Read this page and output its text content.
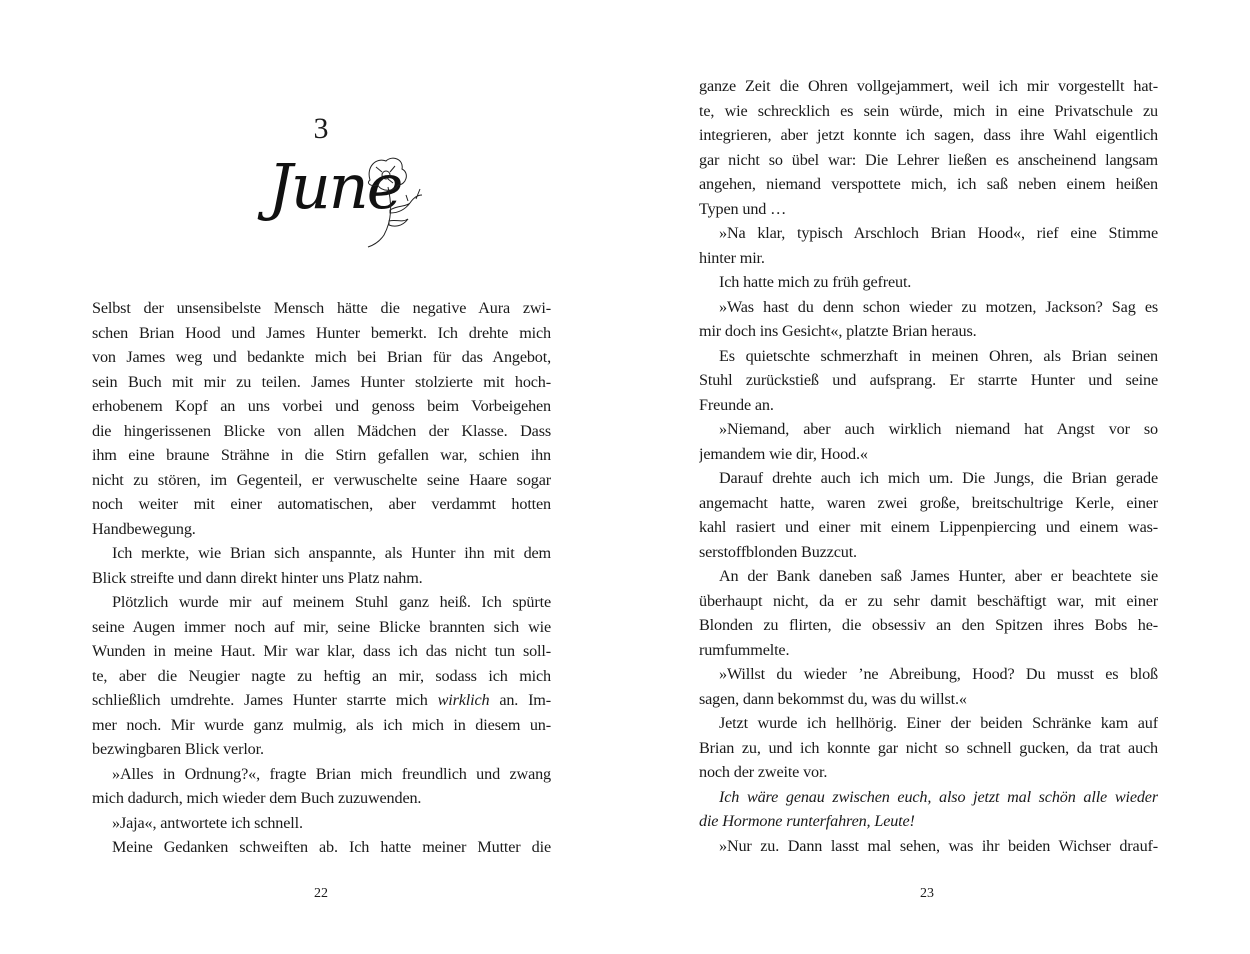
3
June
Selbst der unsensibelste Mensch hätte die negative Aura zwi-
schen Brian Hood und James Hunter bemerkt. Ich drehte mich
von James weg und bedankte mich bei Brian für das Angebot,
sein Buch mit mir zu teilen. James Hunter stolzierte mit hoch-
erhobenem Kopf an uns vorbei und genoss beim Vorbeigehen
die hingerissenen Blicke von allen Mädchen der Klasse. Dass
ihm eine braune Strähne in die Stirn gefallen war, schien ihn
nicht zu stören, im Gegenteil, er verwuschelte seine Haare sogar
noch weiter mit einer automatischen, aber verdammt hotten
Handbewegung.
Ich merkte, wie Brian sich anspannte, als Hunter ihn mit dem
Blick streifte und dann direkt hinter uns Platz nahm.
Plötzlich wurde mir auf meinem Stuhl ganz heiß. Ich spürte
seine Augen immer noch auf mir, seine Blicke brannten sich wie
Wunden in meine Haut. Mir war klar, dass ich das nicht tun soll-
te, aber die Neugier nagte zu heftig an mir, sodass ich mich
schließlich umdrehte. James Hunter starrte mich wirklich an. Im-
mer noch. Mir wurde ganz mulmig, als ich mich in diesem un-
bezwingbaren Blick verlor.
»Alles in Ordnung?«, fragte Brian mich freundlich und zwang
mich dadurch, mich wieder dem Buch zuzuwenden.
»Jaja«, antwortete ich schnell.
Meine Gedanken schweiften ab. Ich hatte meiner Mutter die
22
ganze Zeit die Ohren vollgejammert, weil ich mir vorgestellt hat-
te, wie schrecklich es sein würde, mich in eine Privatschule zu
integrieren, aber jetzt konnte ich sagen, dass ihre Wahl eigentlich
gar nicht so übel war: Die Lehrer ließen es anscheinend langsam
angehen, niemand verspottete mich, ich saß neben einem heißen
Typen und …
»Na klar, typisch Arschloch Brian Hood«, rief eine Stimme
hinter mir.
Ich hatte mich zu früh gefreut.
»Was hast du denn schon wieder zu motzen, Jackson? Sag es
mir doch ins Gesicht«, platzte Brian heraus.
Es quietschte schmerzhaft in meinen Ohren, als Brian seinen
Stuhl zurückstieß und aufsprang. Er starrte Hunter und seine
Freunde an.
»Niemand, aber auch wirklich niemand hat Angst vor so
jemandem wie dir, Hood.«
Darauf drehte auch ich mich um. Die Jungs, die Brian gerade
angemacht hatte, waren zwei große, breitschultrige Kerle, einer
kahl rasiert und einer mit einem Lippenpiercing und einem was-
serstoffblonden Buzzcut.
An der Bank daneben saß James Hunter, aber er beachtete sie
überhaupt nicht, da er zu sehr damit beschäftigt war, mit einer
Blonden zu flirten, die obsessiv an den Spitzen ihres Bobs he-
rumfummelte.
»Willst du wieder ’ne Abreibung, Hood? Du musst es bloß
sagen, dann bekommst du, was du willst.«
Jetzt wurde ich hellhörig. Einer der beiden Schränke kam auf
Brian zu, und ich konnte gar nicht so schnell gucken, da trat auch
noch der zweite vor.
Ich wäre genau zwischen euch, also jetzt mal schön alle wieder
die Hormone runterfahren, Leute!
»Nur zu. Dann lasst mal sehen, was ihr beiden Wichser drauf-
23
